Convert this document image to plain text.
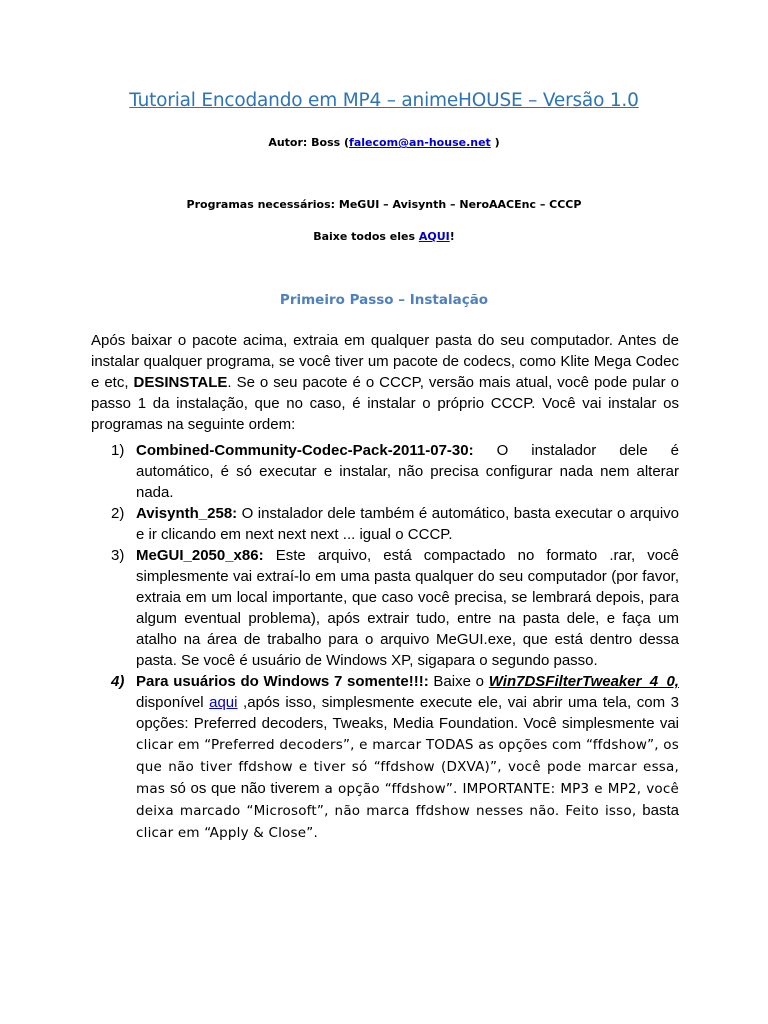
Tutorial Encodando em MP4 – animeHOUSE – Versão 1.0
Autor: Boss (falecom@an-house.net )
Programas necessários: MeGUI – Avisynth – NeroAACEnc – CCCP
Baixe todos eles AQUI!
Primeiro Passo – Instalação

Após baixar o pacote acima, extraia em qualquer pasta do seu computador. Antes de instalar qualquer programa, se você tiver um pacote de codecs, como Klite Mega Codec e etc, DESINSTALE. Se o seu pacote é o CCCP, versão mais atual, você pode pular o passo 1 da instalação, que no caso, é instalar o próprio CCCP. Você vai instalar os programas na seguinte ordem:

1) Combined-Community-Codec-Pack-2011-07-30: O instalador dele é automático, é só executar e instalar, não precisa configurar nada nem alterar nada.
2) Avisynth_258: O instalador dele também é automático, basta executar o arquivo e ir clicando em next next next ... igual o CCCP.
3) MeGUI_2050_x86: Este arquivo, está compactado no formato .rar, você simplesmente vai extraí-lo em uma pasta qualquer do seu computador (por favor, extraia em um local importante, que caso você precisa, se lembrará depois, para algum eventual problema), após extrair tudo, entre na pasta dele, e faça um atalho na área de trabalho para o arquivo MeGUI.exe, que está dentro dessa pasta. Se você é usuário de Windows XP, sigapara o segundo passo.
4) Para usuários do Windows 7 somente!!!: Baixe o Win7DSFilterTweaker_4_0, disponível aqui ,após isso, simplesmente execute ele, vai abrir uma tela, com 3 opções: Preferred decoders, Tweaks, Media Foundation. Você simplesmente vai clicar em “Preferred decoders”, e marcar TODAS as opções com “ffdshow”, os que não tiver ffdshow e tiver só “ffdshow (DXVA)”, você pode marcar essa, mas só os que não tiverem a opção “ffdshow”. IMPORTANTE: MP3 e MP2, você deixa marcado “Microsoft”, não marca ffdshow nesses não. Feito isso, basta clicar em “Apply & Close”.
